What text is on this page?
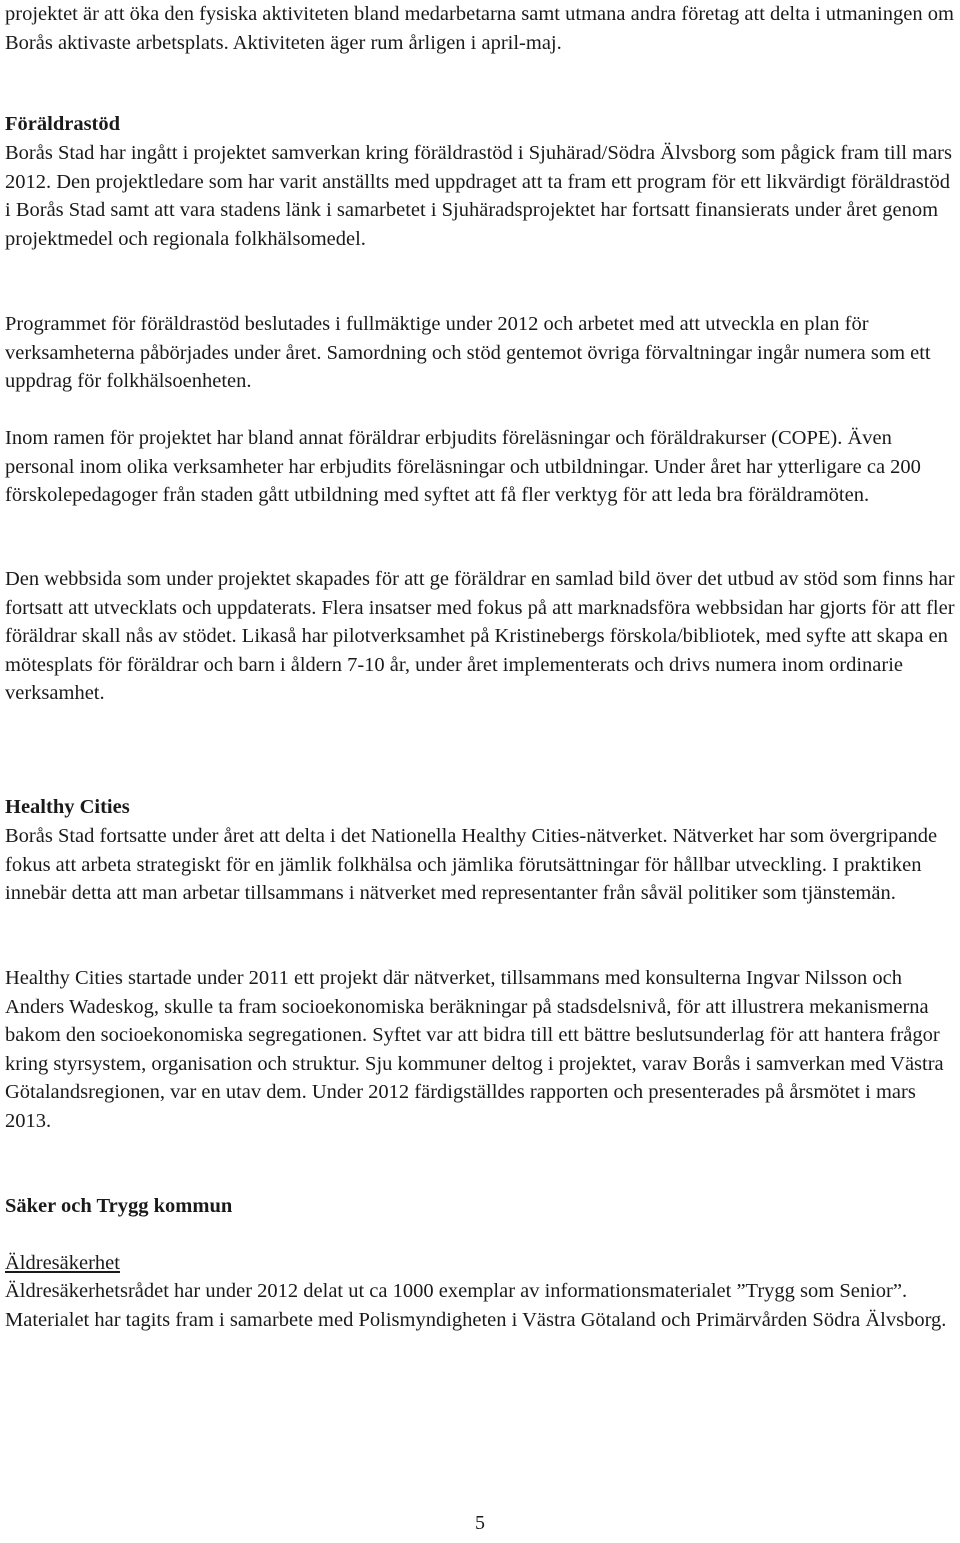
projektet är att öka den fysiska aktiviteten bland medarbetarna samt utmana andra företag att delta i utmaningen om Borås aktivaste arbetsplats. Aktiviteten äger rum årligen i april-maj.

Föräldrastöd

Borås Stad har ingått i projektet samverkan kring föräldrastöd i Sjuhärad/Södra Älvsborg som pågick fram till mars 2012. Den projektledare som har varit anställts med uppdraget att ta fram ett program för ett likvärdigt föräldrastöd i Borås Stad samt att vara stadens länk i samarbetet i Sjuhäradsprojektet har fortsatt finansierats under året genom projektmedel och regionala folkhälsomedel.

Programmet för föräldrastöd beslutades i fullmäktige under 2012 och arbetet med att utveckla en plan för verksamheterna påbörjades under året. Samordning och stöd gentemot övriga förvaltningar ingår numera som ett uppdrag för folkhälsoenheten.

Inom ramen för projektet har bland annat föräldrar erbjudits föreläsningar och föräldrakurser (COPE). Även personal inom olika verksamheter har erbjudits föreläsningar och utbildningar. Under året har ytterligare ca 200 förskolepedagoger från staden gått utbildning med syftet att få fler verktyg för att leda bra föräldramöten.

Den webbsida som under projektet skapades för att ge föräldrar en samlad bild över det utbud av stöd som finns har fortsatt att utvecklats och uppdaterats. Flera insatser med fokus på att marknadsföra webbsidan har gjorts för att fler föräldrar skall nås av stödet. Likaså har pilotverksamhet på Kristinebergs förskola/bibliotek, med syfte att skapa en mötesplats för föräldrar och barn i åldern 7-10 år, under året implementerats och drivs numera inom ordinarie verksamhet.

Healthy Cities

Borås Stad fortsatte under året att delta i det Nationella Healthy Cities-nätverket. Nätverket har som övergripande fokus att arbeta strategiskt för en jämlik folkhälsa och jämlika förutsättningar för hållbar utveckling. I praktiken innebär detta att man arbetar tillsammans i nätverket med representanter från såväl politiker som tjänstemän.

Healthy Cities startade under 2011 ett projekt där nätverket, tillsammans med konsulterna Ingvar Nilsson och Anders Wadeskog, skulle ta fram socioekonomiska beräkningar på stadsdelsnivå, för att illustrera mekanismerna bakom den socioekonomiska segregationen. Syftet var att bidra till ett bättre beslutsunderlag för att hantera frågor kring styrsystem, organisation och struktur. Sju kommuner deltog i projektet, varav Borås i samverkan med Västra Götalandsregionen, var en utav dem. Under 2012 färdigställdes rapporten och presenterades på årsmötet i mars 2013.

Säker och Trygg kommun

Äldresäkerhet

Äldresäkerhetsrådet har under 2012 delat ut ca 1000 exemplar av informationsmaterialet ”Trygg som Senior”. Materialet har tagits fram i samarbete med Polismyndigheten i Västra Götaland och Primärvården Södra Älvsborg.

5
